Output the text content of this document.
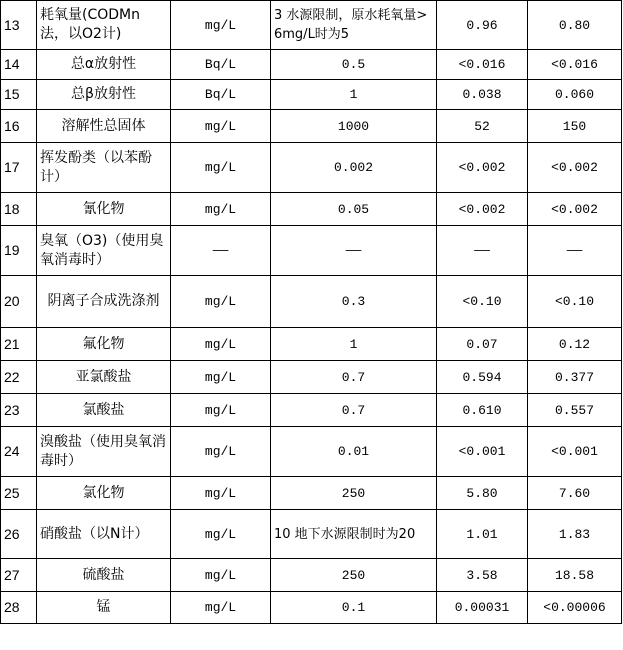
13	耗氧量(CODMn法，以O2计)	mg/L	3 水源限制，原水耗氧量>6mg/L时为5	0.96	0.80
14	总α放射性	Bq/L	0.5	<0.016	<0.016
15	总β放射性	Bq/L	1	0.038	0.060
16	溶解性总固体	mg/L	1000	52	150
17	挥发酚类（以苯酚计）	mg/L	0.002	<0.002	<0.002
18	氰化物	mg/L	0.05	<0.002	<0.002
19	臭氧（O3)（使用臭氧消毒时）	——	——	——	——
20	阴离子合成洗涤剂	mg/L	0.3	<0.10	<0.10
21	氟化物	mg/L	1	0.07	0.12
22	亚氯酸盐	mg/L	0.7	0.594	0.377
23	氯酸盐	mg/L	0.7	0.610	0.557
24	溴酸盐（使用臭氧消毒时）	mg/L	0.01	<0.001	<0.001
25	氯化物	mg/L	250	5.80	7.60
26	硝酸盐（以N计）	mg/L	10 地下水源限制时为20	1.01	1.83
27	硫酸盐	mg/L	250	3.58	18.58
28	锰	mg/L	0.1	0.00031	<0.00006
